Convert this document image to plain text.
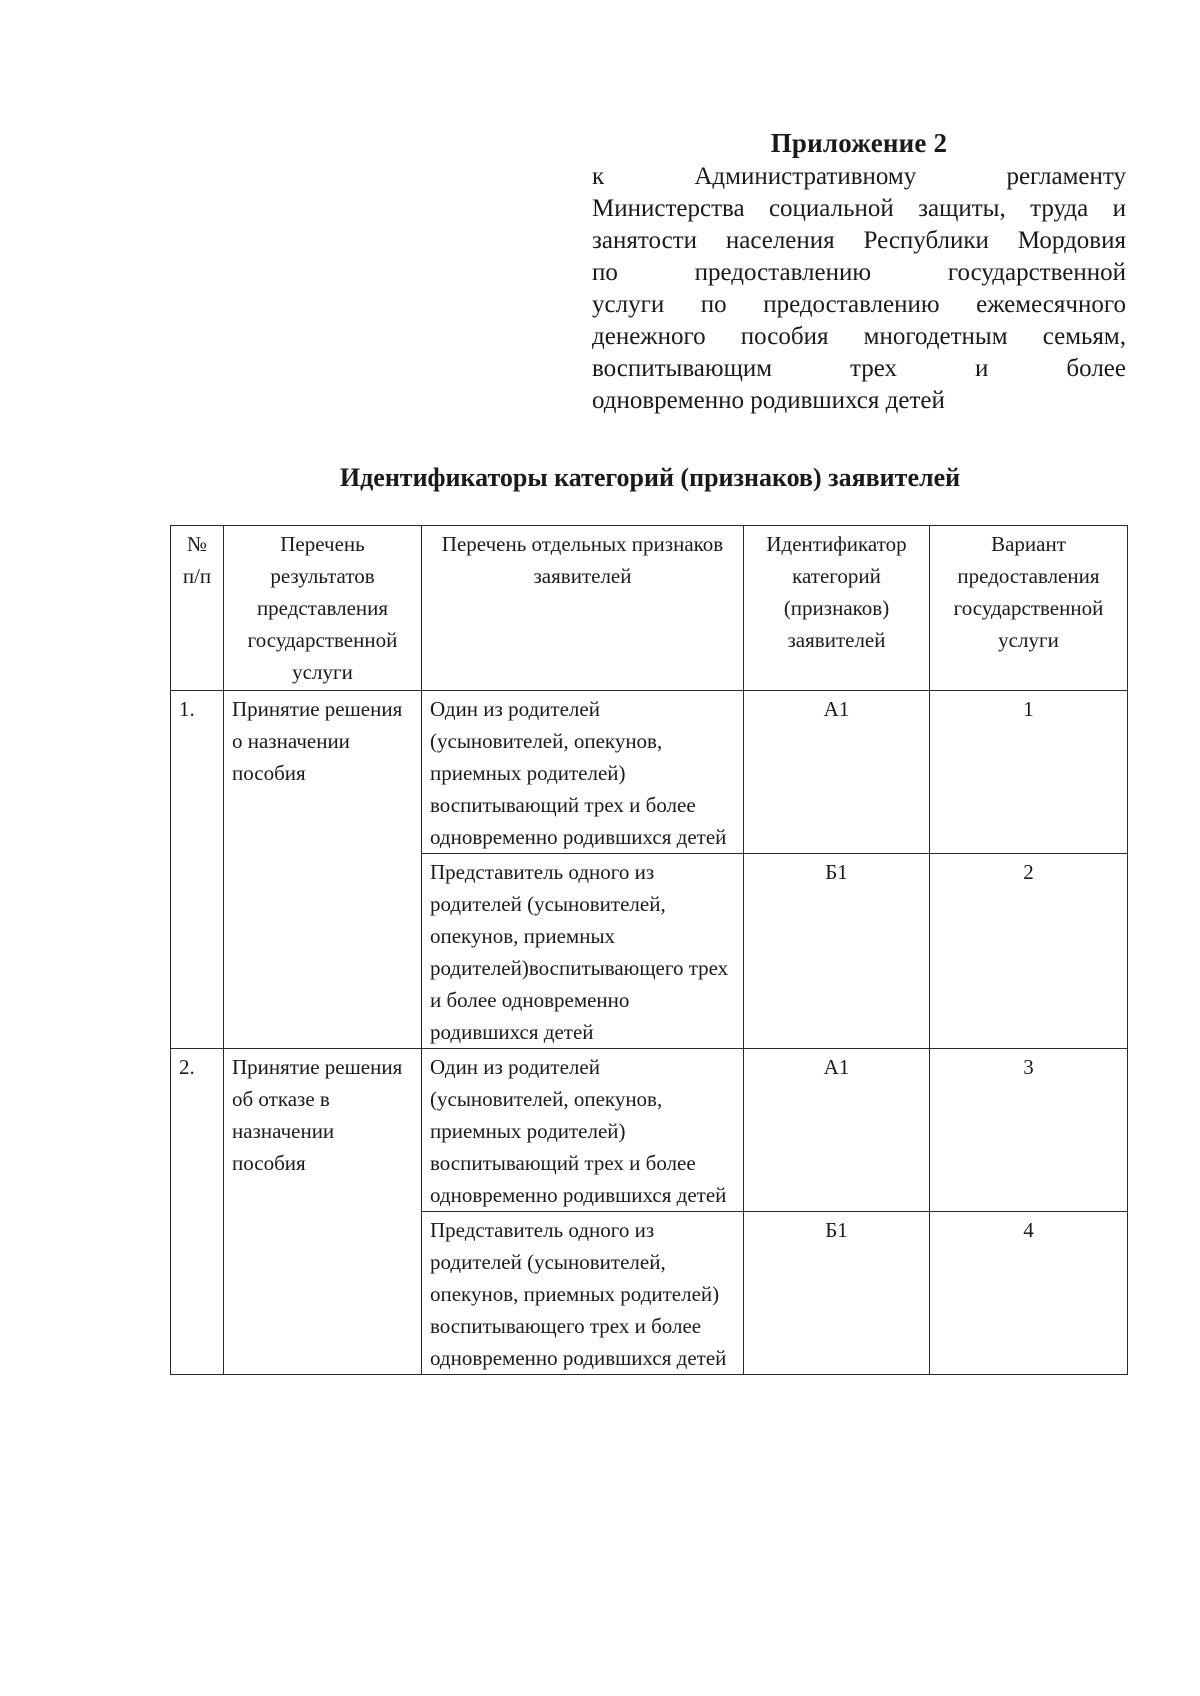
Приложение 2
к Административному регламенту
Министерства социальной защиты, труда и
занятости населения Республики Мордовия
по предоставлению государственной
услуги по предоставлению ежемесячного
денежного пособия многодетным семьям,
воспитывающим трех и более
одновременно родившихся детей
Идентификаторы категорий (признаков) заявителей
№ п/п	Перечень результатов представления государственной услуги	Перечень отдельных признаков заявителей	Идентификатор категорий (признаков) заявителей	Вариант предоставления государственной услуги
1.	Принятие решения о назначении пособия	Один из родителей (усыновителей, опекунов, приемных родителей) воспитывающий трех и более одновременно родившихся детей	А1	1
		Представитель одного из родителей (усыновителей, опекунов, приемных родителей)воспитывающего трех и более одновременно родившихся детей	Б1	2
2.	Принятие решения об отказе в назначении пособия	Один из родителей (усыновителей, опекунов, приемных родителей) воспитывающий трех и более одновременно родившихся детей	А1	3
		Представитель одного из родителей (усыновителей, опекунов, приемных родителей) воспитывающего трех и более одновременно родившихся детей	Б1	4
